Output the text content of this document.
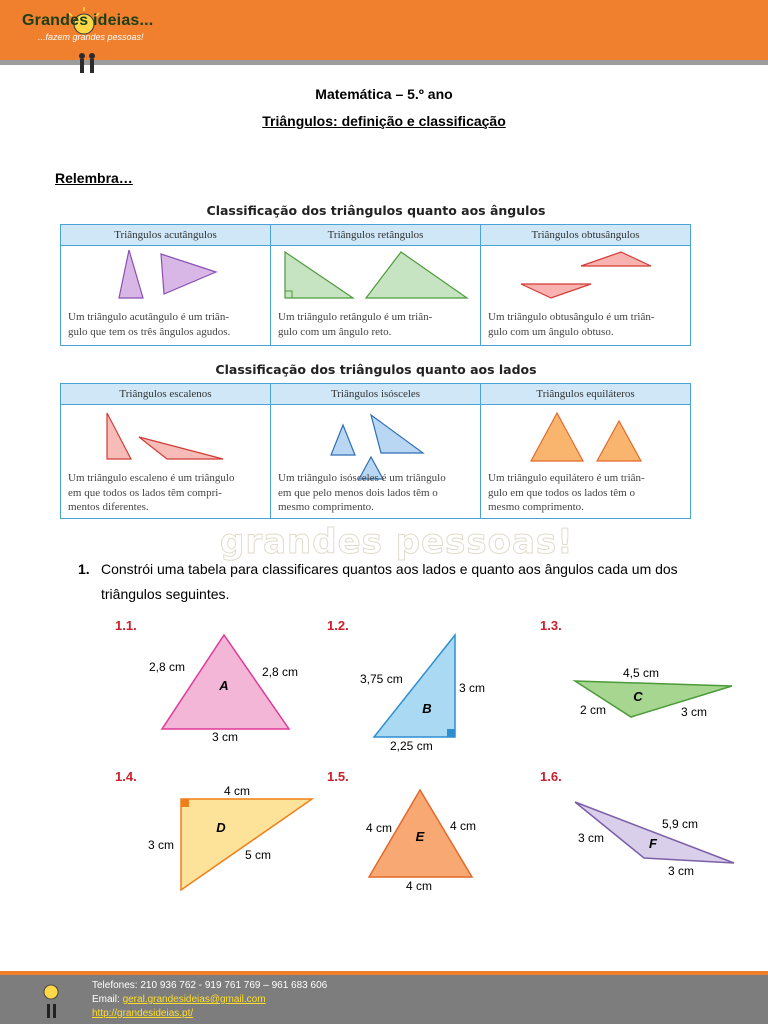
Grandes ideias...
...fazem grandes pessoas!
Matemática – 5.º ano
Triângulos: definição e classificação
Relembra…
Classificação dos triângulos quanto aos ângulos
Triângulos acutângulos	Triângulos retângulos	Triângulos obtusângulos
Um triângulo acutângulo é um triân-
gulo que tem os três ângulos agudos.
Um triângulo retângulo é um triân-
gulo com um ângulo reto.
Um triângulo obtusângulo é um triân-
gulo com um ângulo obtuso.
Classificação dos triângulos quanto aos lados
Triângulos escalenos	Triângulos isósceles	Triângulos equiláteros
Um triângulo escaleno é um triângulo
em que todos os lados têm compri-
mentos diferentes.
Um triângulo isósceles é um triângulo
em que pelo menos dois lados têm o
mesmo comprimento.
Um triângulo equilátero é um triân-
gulo em que todos os lados têm o
mesmo comprimento.
grandes pessoas!
1. Constrói uma tabela para classificares quantos aos lados e quanto aos ângulos cada um dos triângulos seguintes.
1.1.	1.2.	1.3.
1.4.	1.5.	1.6.
A
2,8 cm	2,8 cm
3 cm
B
3,75 cm
3 cm
2,25 cm
C
4,5 cm
2 cm	3 cm
D
4 cm
3 cm
5 cm
E
4 cm	4 cm
4 cm
F
3 cm
5,9 cm
3 cm
Telefones: 210 936 762 - 919 761 769 – 961 683 606
Email: geral.grandesideias@gmail.com
http://grandesideias.pt/
